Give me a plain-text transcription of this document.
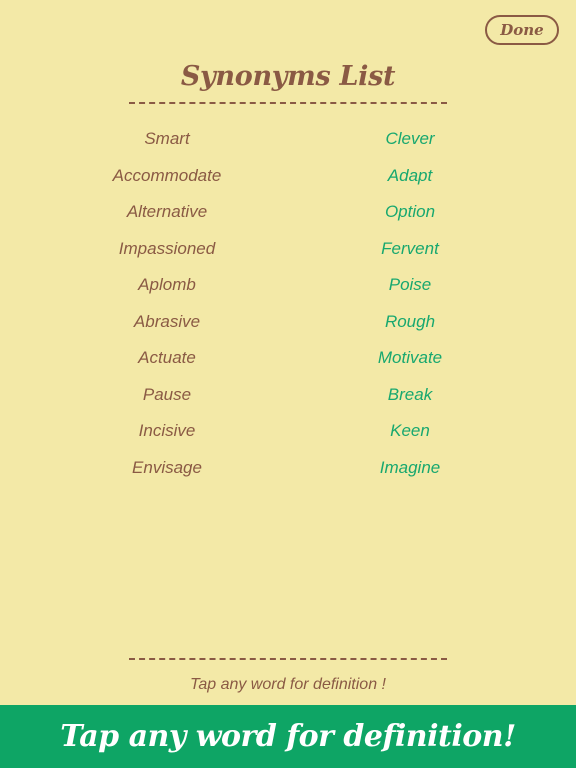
Done
Synonyms List
Smart	Clever
Accommodate	Adapt
Alternative	Option
Impassioned	Fervent
Aplomb	Poise
Abrasive	Rough
Actuate	Motivate
Pause	Break
Incisive	Keen
Envisage	Imagine
Tap any word for definition !
Tap any word for definition!
